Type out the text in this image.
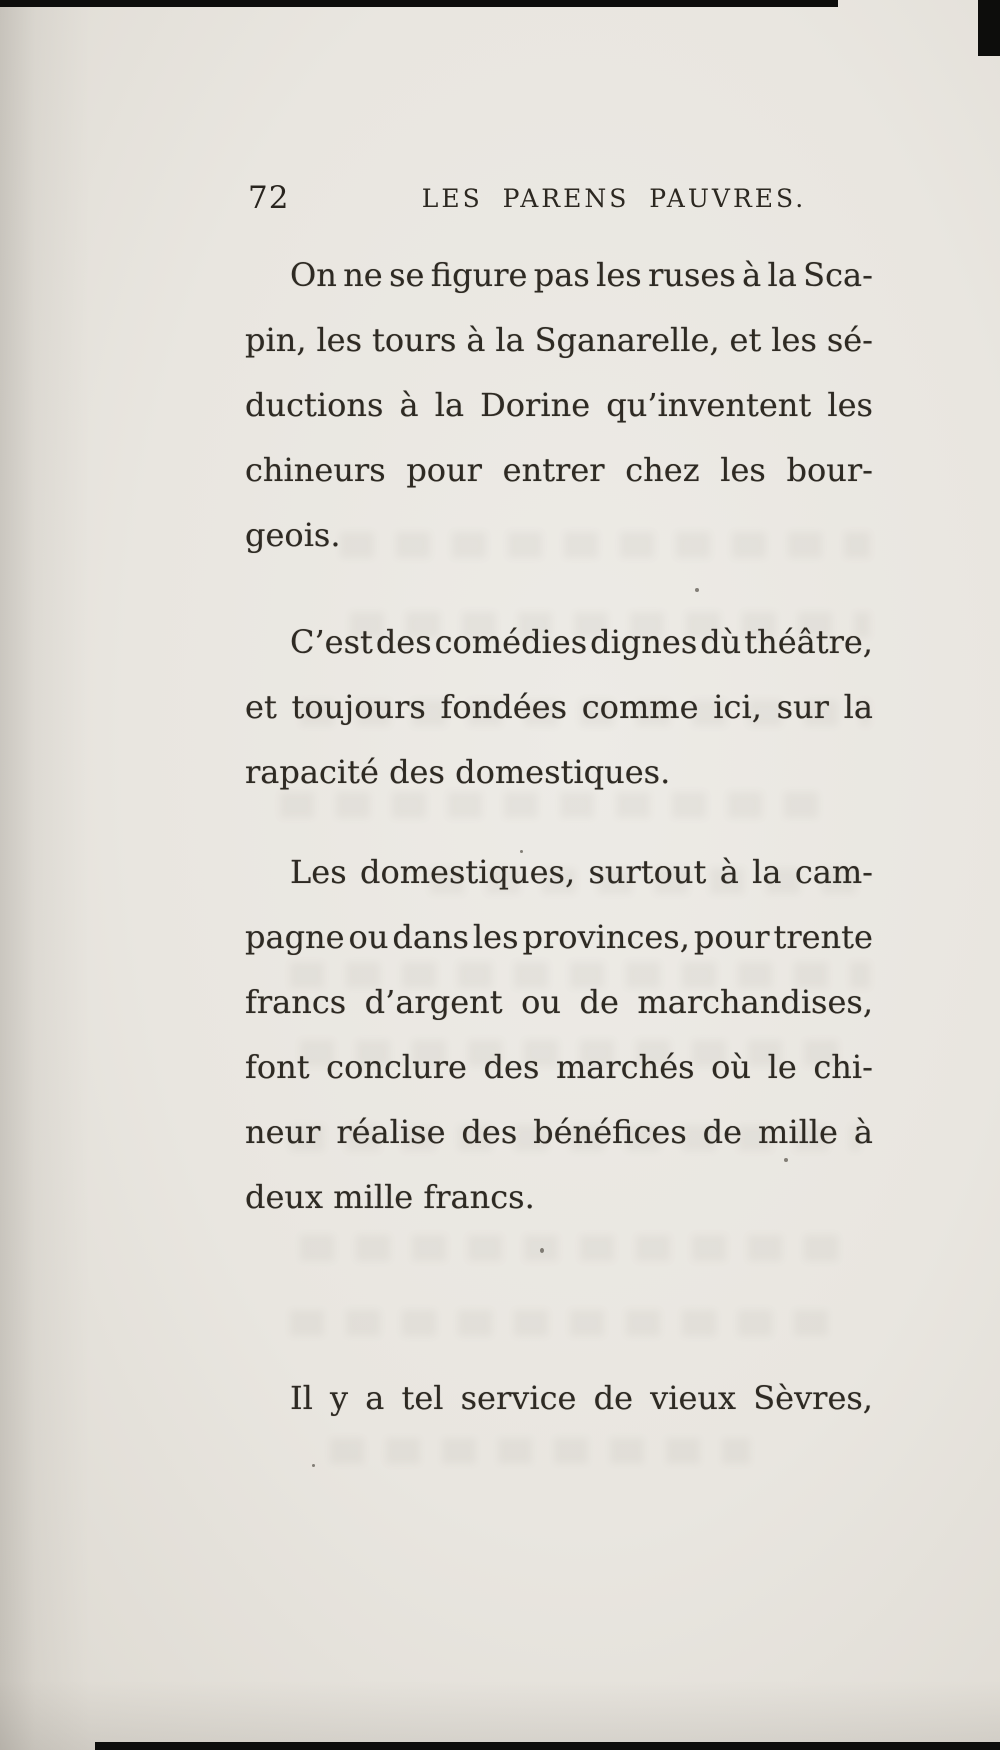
72	LES PARENS PAUVRES.
On ne se figure pas les ruses à la Sca-
pin, les tours à la Sganarelle, et les sé-
ductions à la Dorine qu’inventent les
chineurs pour entrer chez les bour-
geois.
C’est des comédies dignes dù théâtre,
et toujours fondées comme ici, sur la
rapacité des domestiques.
Les domestiques, surtout à la cam-
pagne ou dans les provinces, pour trente
francs d’argent ou de marchandises,
font conclure des marchés où le chi-
neur réalise des bénéfices de mille à
deux mille francs.
Il y a tel service de vieux Sèvres,
